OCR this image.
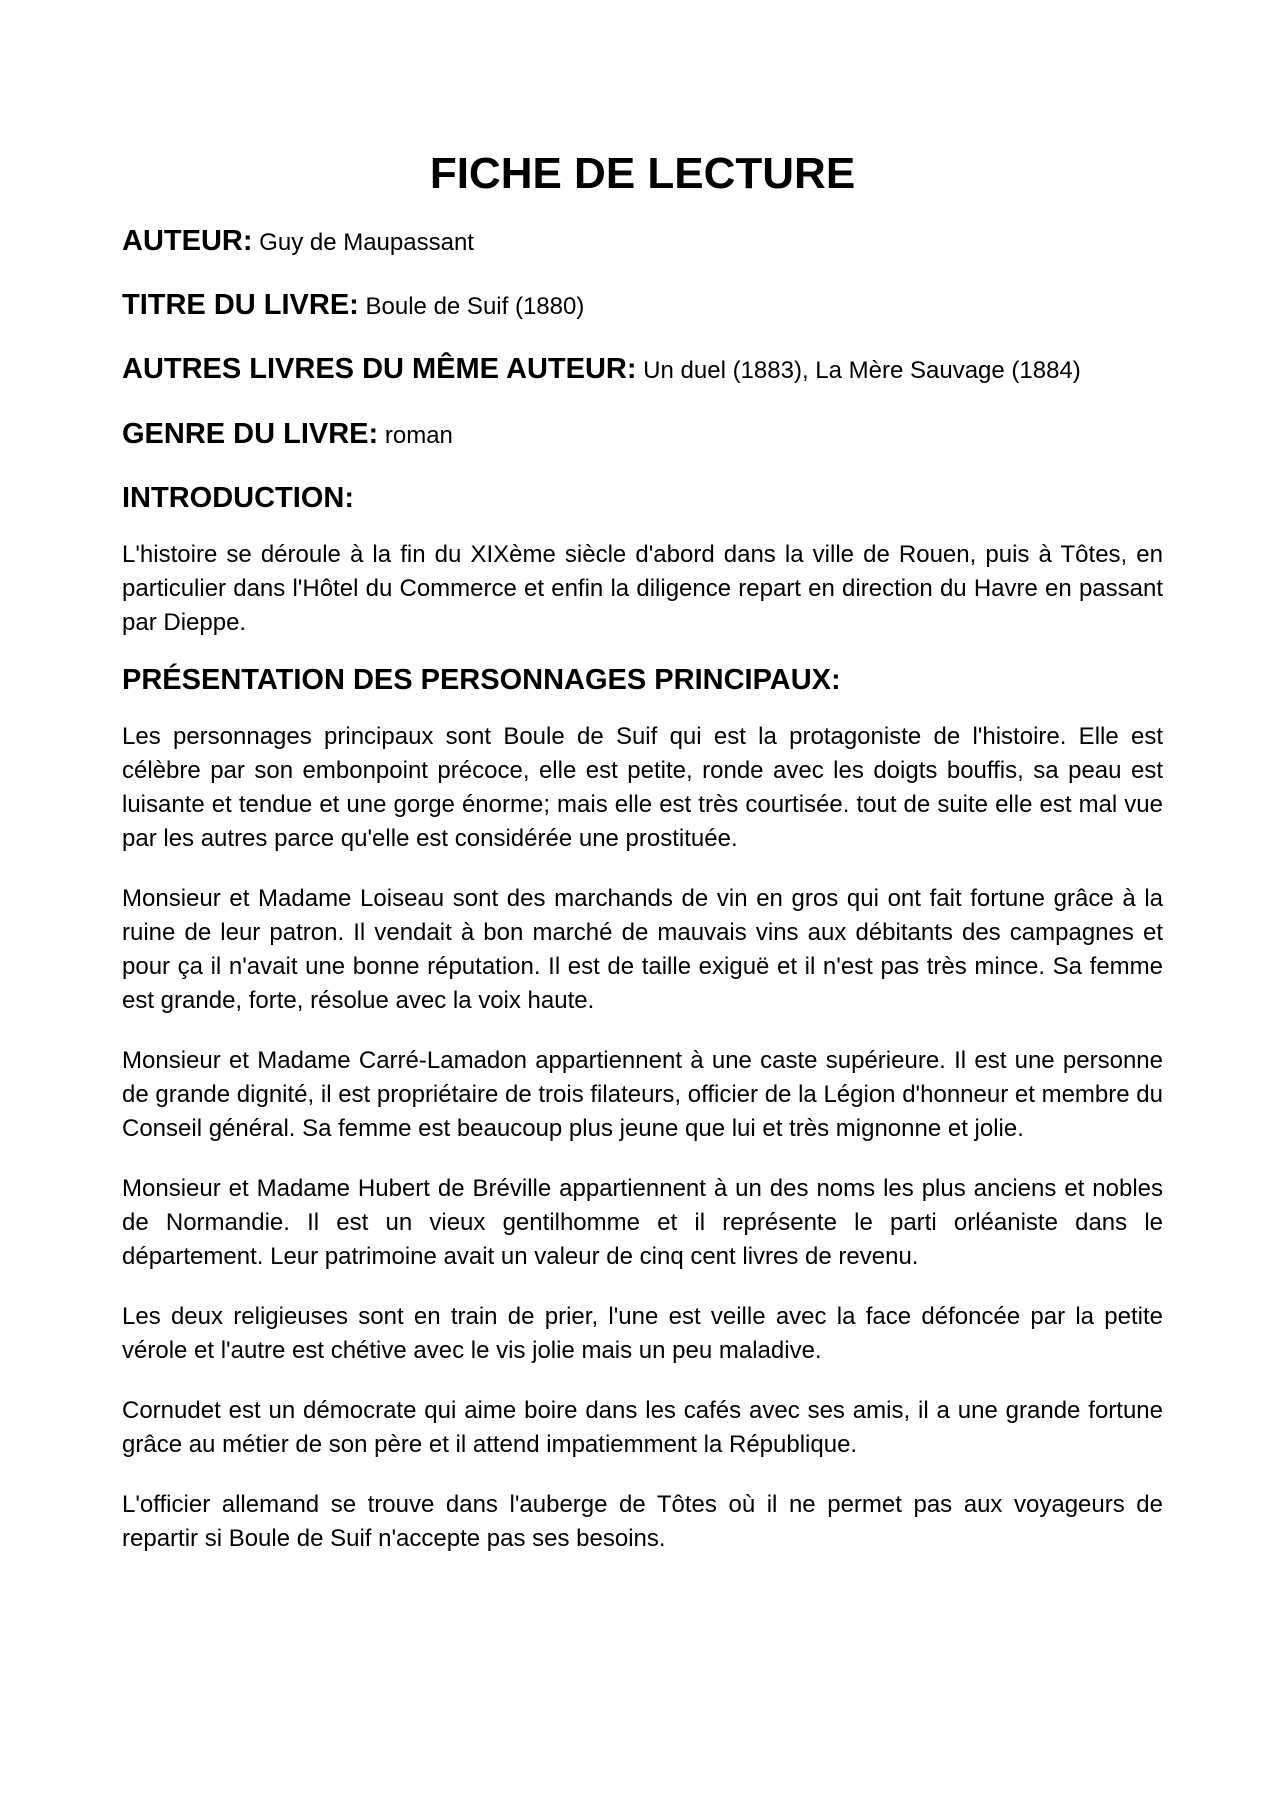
FICHE DE LECTURE
AUTEUR: Guy de Maupassant
TITRE DU LIVRE: Boule de Suif (1880)
AUTRES LIVRES DU MÊME AUTEUR: Un duel (1883), La Mère Sauvage (1884)
GENRE DU LIVRE: roman
INTRODUCTION:

L'histoire se déroule à la fin du XIXème siècle d'abord dans la ville de Rouen, puis à Tôtes, en particulier dans l'Hôtel du Commerce et enfin la diligence repart en direction du Havre en passant par Dieppe.

PRÉSENTATION DES PERSONNAGES PRINCIPAUX:

Les personnages principaux sont Boule de Suif qui est la protagoniste de l'histoire. Elle est célèbre par son embonpoint précoce, elle est petite, ronde avec les doigts bouffis, sa peau est luisante et tendue et une gorge énorme; mais elle est très courtisée. tout de suite elle est mal vue par les autres parce qu'elle est considérée une prostituée.

Monsieur et Madame Loiseau sont des marchands de vin en gros qui ont fait fortune grâce à la ruine de leur patron. Il vendait à bon marché de mauvais vins aux débitants des campagnes et pour ça il n'avait une bonne réputation. Il est de taille exiguë et il n'est pas très mince. Sa femme est grande, forte, résolue avec la voix haute.

Monsieur et Madame Carré-Lamadon appartiennent à une caste supérieure. Il est une personne de grande dignité, il est propriétaire de trois filateurs, officier de la Légion d'honneur et membre du Conseil général. Sa femme est beaucoup plus jeune que lui et très mignonne et jolie.

Monsieur et Madame Hubert de Bréville appartiennent à un des noms les plus anciens et nobles de Normandie. Il est un vieux gentilhomme et il représente le parti orléaniste dans le département. Leur patrimoine avait un valeur de cinq cent livres de revenu.

Les deux religieuses sont en train de prier, l'une est veille avec la face défoncée par la petite vérole et l'autre est chétive avec le vis jolie mais un peu maladive.

Cornudet est un démocrate qui aime boire dans les cafés avec ses amis, il a une grande fortune grâce au métier de son père et il attend impatiemment la République.

L'officier allemand se trouve dans l'auberge de Tôtes où il ne permet pas aux voyageurs de repartir si Boule de Suif n'accepte pas ses besoins.
